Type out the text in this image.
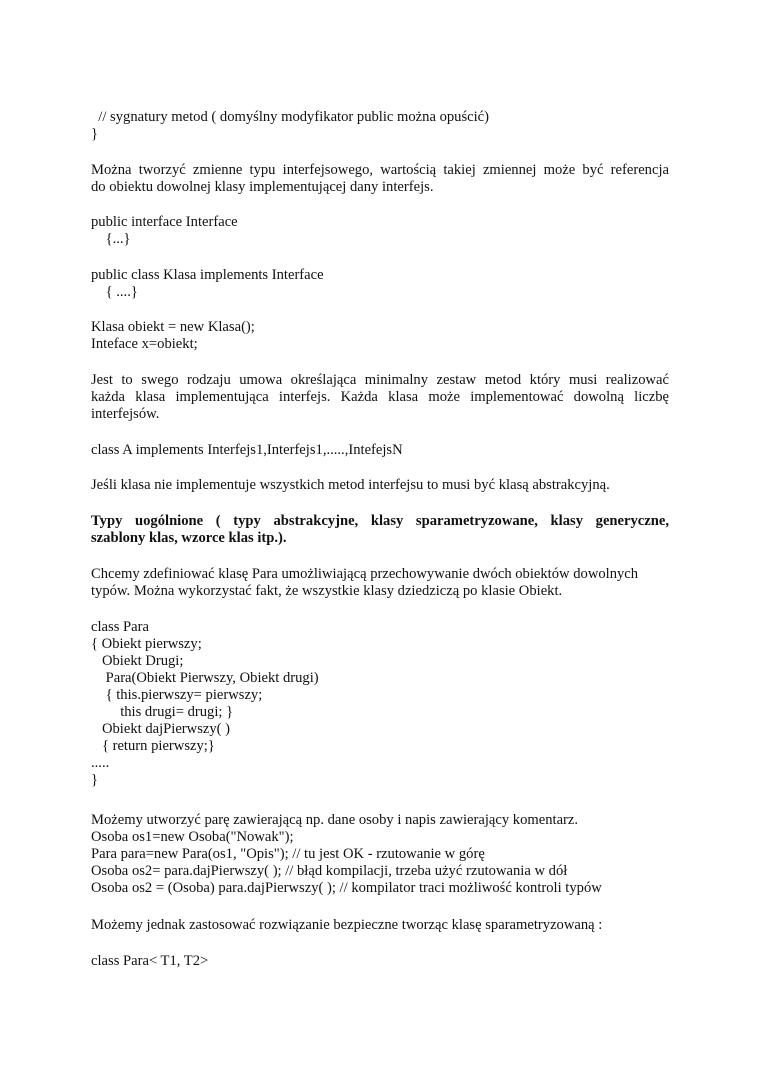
// sygnatury metod ( domyślny modyfikator public można opuścić)

}

Można tworzyć zmienne typu interfejsowego, wartością takiej zmiennej może być referencja

do obiektu dowolnej klasy implementującej dany interfejs.

public interface Interface

{...}

public class Klasa implements Interface

{ ....}

Klasa obiekt = new Klasa();

Inteface x=obiekt;

Jest to swego rodzaju umowa określająca minimalny zestaw metod który musi realizować

każda klasa implementująca interfejs. Każda klasa może implementować dowolną liczbę

interfejsów.

class A implements Interfejs1,Interfejs1,.....,IntefejsN

Jeśli klasa nie implementuje wszystkich metod interfejsu to musi być klasą abstrakcyjną.

Typy uogólnione ( typy abstrakcyjne, klasy sparametryzowane, klasy generyczne,

szablony klas, wzorce klas itp.).

Chcemy zdefiniować klasę Para umożliwiającą przechowywanie dwóch obiektów dowolnych

typów. Można wykorzystać fakt, że wszystkie klasy dziedziczą po klasie Obiekt.

class Para

{ Obiekt pierwszy;

Obiekt Drugi;

Para(Obiekt Pierwszy, Obiekt drugi)

{ this.pierwszy= pierwszy;

this drugi= drugi; }

Obiekt dajPierwszy( )

{ return pierwszy;}

.....

}

Możemy utworzyć parę zawierającą np. dane osoby i napis zawierający komentarz.

Osoba os1=new Osoba("Nowak");

Para para=new Para(os1, "Opis"); // tu jest OK - rzutowanie w górę

Osoba os2= para.dajPierwszy( ); // błąd kompilacji, trzeba użyć rzutowania w dół

Osoba os2 = (Osoba) para.dajPierwszy( ); // kompilator traci możliwość kontroli typów

Możemy jednak zastosować rozwiązanie bezpieczne tworząc klasę sparametryzowaną :

class Para< T1, T2>
